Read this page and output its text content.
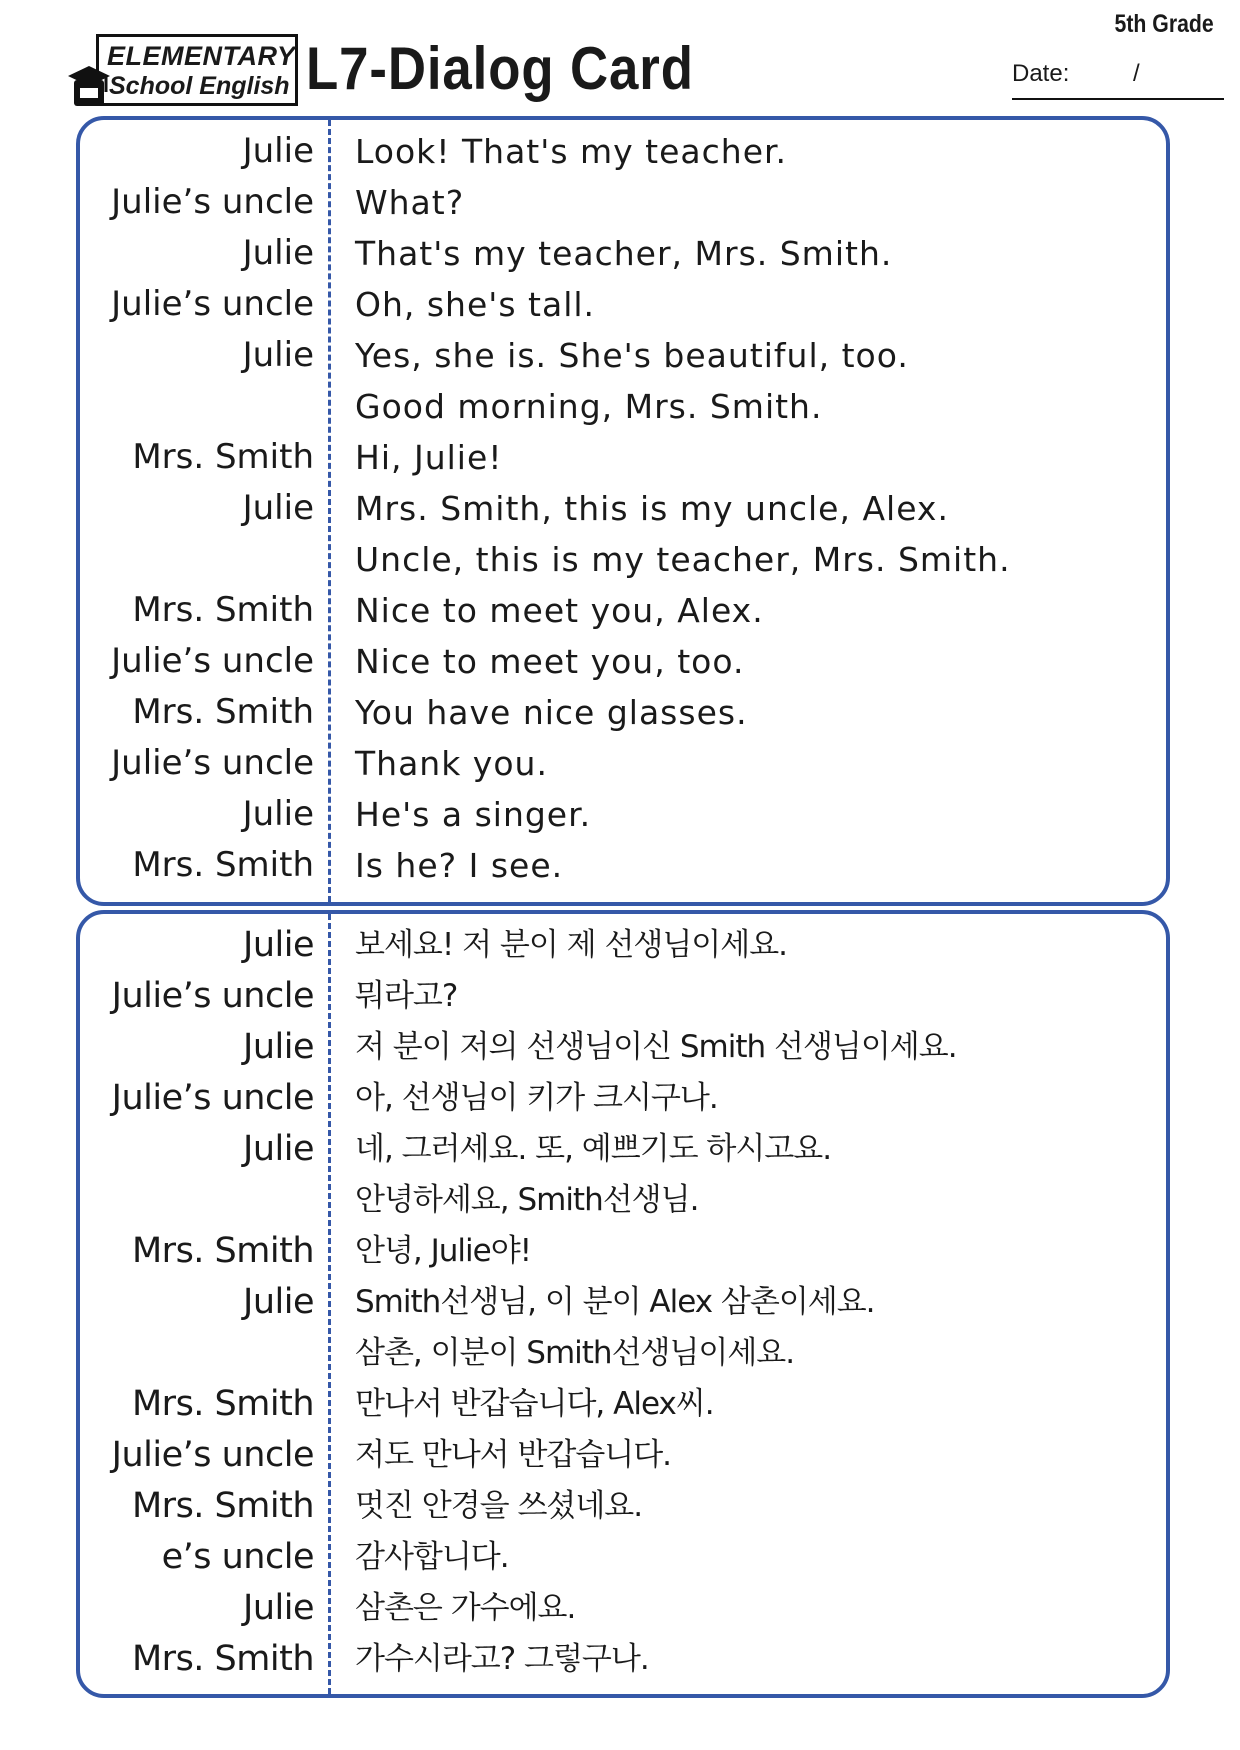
5th Grade
ELEMENTARY
School English L7-Dialog Card	Date:	/
Julie Look! That's my teacher.
Julie’s uncle What?
Julie That's my teacher, Mrs. Smith.
Julie’s uncle Oh, she's tall.
Julie Yes, she is. She's beautiful, too.
Good morning, Mrs. Smith.
Mrs. Smith Hi, Julie!
Julie Mrs. Smith, this is my uncle, Alex.
Uncle, this is my teacher, Mrs. Smith.
Mrs. Smith Nice to meet you, Alex.
Julie’s uncle Nice to meet you, too.
Mrs. Smith You have nice glasses.
Julie’s uncle Thank you.
Julie He's a singer.
Mrs. Smith Is he? I see.
Julie 보세요! 저 분이 제 선생님이세요.
Julie’s uncle 뭐라고?
Julie 저 분이 저의 선생님이신 Smith 선생님이세요.
Julie’s uncle 아, 선생님이 키가 크시구나.
Julie 네, 그러세요. 또, 예쁘기도 하시고요.
안녕하세요, Smith선생님.
Mrs. Smith 안녕, Julie야!
Julie Smith선생님, 이 분이 Alex 삼촌이세요.
삼촌, 이분이 Smith선생님이세요.
Mrs. Smith 만나서 반갑습니다, Alex씨.
Julie’s uncle 저도 만나서 반갑습니다.
Mrs. Smith 멋진 안경을 쓰셨네요.
e’s uncle 감사합니다.
Julie 삼촌은 가수에요.
Mrs. Smith 가수시라고? 그렇구나.
